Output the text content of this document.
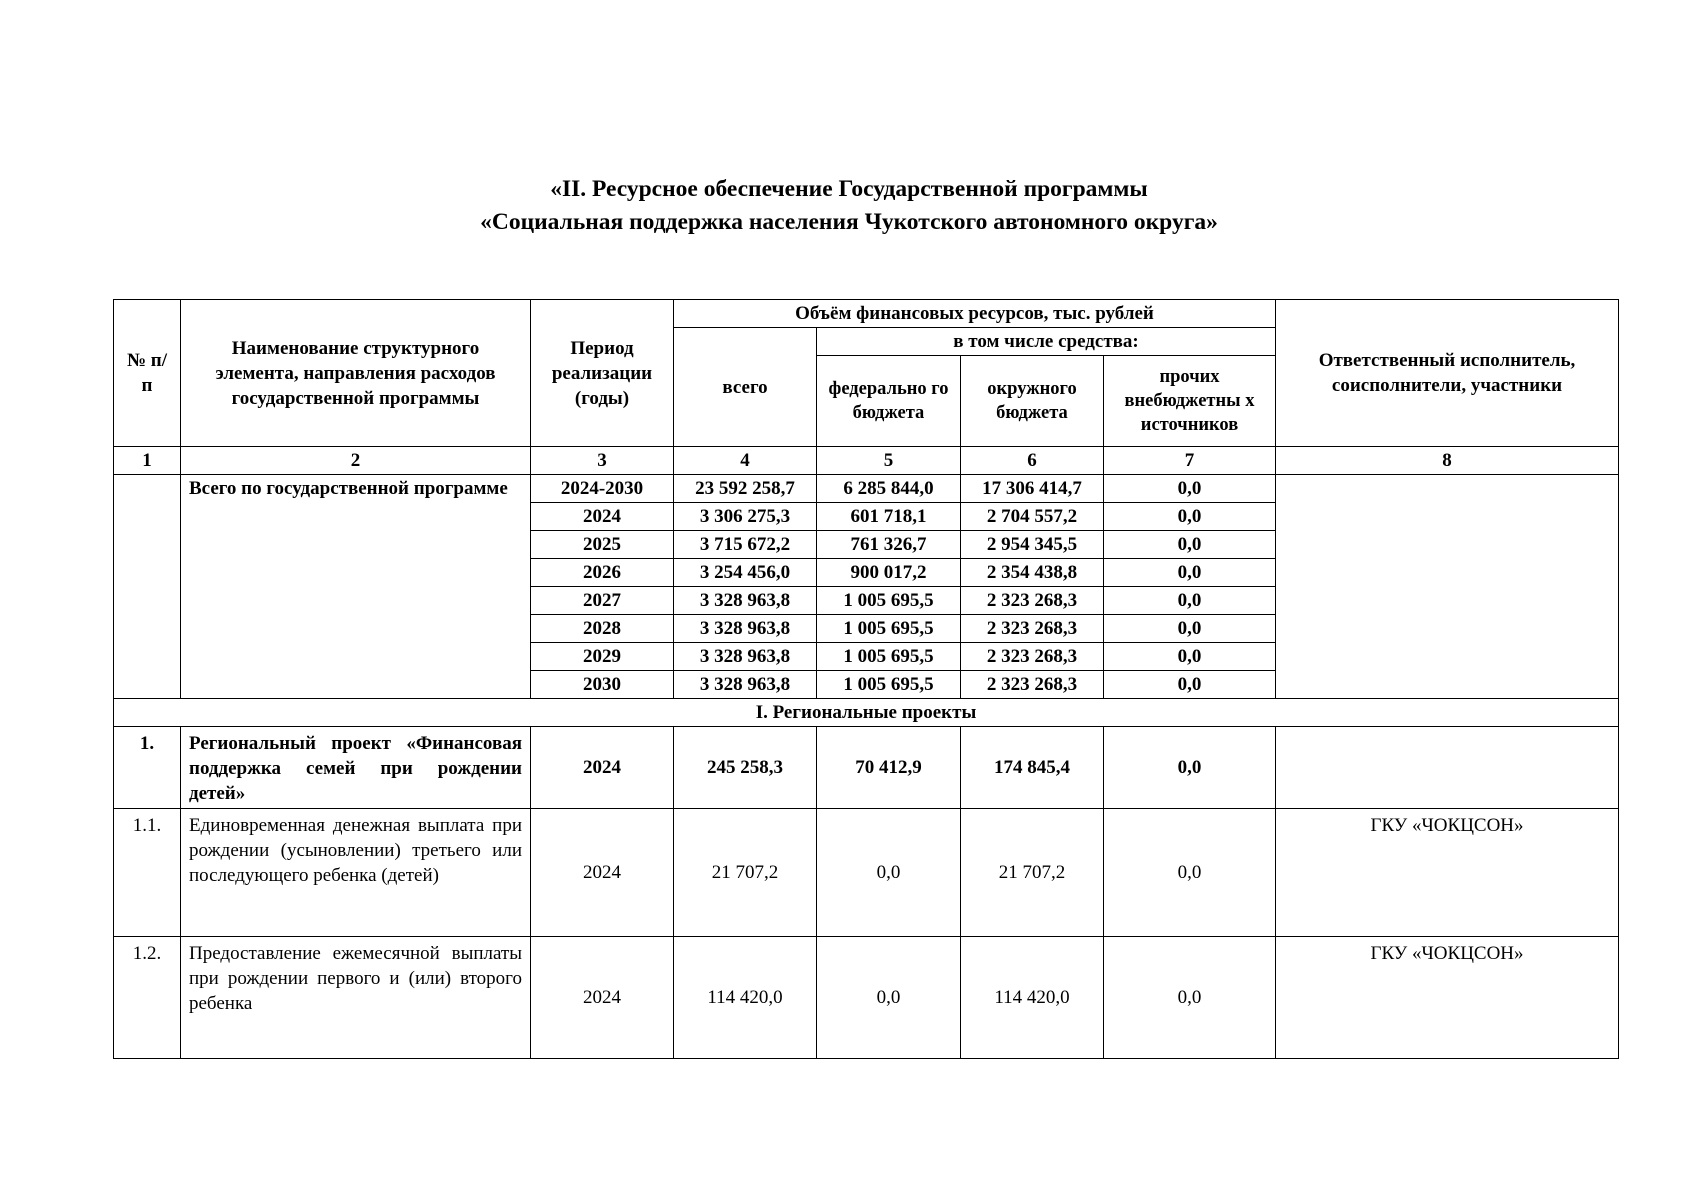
«II. Ресурсное обеспечение Государственной программы
«Социальная поддержка населения Чукотского автономного округа»
№ п/п	Наименование структурного элемента, направления расходов государственной программы	Период реализации (годы)	Объём финансовых ресурсов, тыс. рублей				Ответственный исполнитель, соисполнители, участники
			всего	в том числе средства:			
				федерально го бюджета	окружного бюджета	прочих внебюджетны х источников	
1	2	3	4	5	6	7	8
	Всего по государственной программе	2024-2030	23 592 258,7	6 285 844,0	17 306 414,7	0,0	
		2024	3 306 275,3	601 718,1	2 704 557,2	0,0	
		2025	3 715 672,2	761 326,7	2 954 345,5	0,0	
		2026	3 254 456,0	900 017,2	2 354 438,8	0,0	
		2027	3 328 963,8	1 005 695,5	2 323 268,3	0,0	
		2028	3 328 963,8	1 005 695,5	2 323 268,3	0,0	
		2029	3 328 963,8	1 005 695,5	2 323 268,3	0,0	
		2030	3 328 963,8	1 005 695,5	2 323 268,3	0,0	
I. Региональные проекты							
1.	Региональный проект «Финансовая поддержка семей при рождении детей»	2024	245 258,3	70 412,9	174 845,4	0,0	
1.1.	Единовременная денежная выплата при рождении (усыновлении) третьего или последующего ребенка (детей)	2024	21 707,2	0,0	21 707,2	0,0	ГКУ «ЧОКЦСОН»
1.2.	Предоставление ежемесячной выплаты при рождении первого и (или) второго ребенка	2024	114 420,0	0,0	114 420,0	0,0	ГКУ «ЧОКЦСОН»
